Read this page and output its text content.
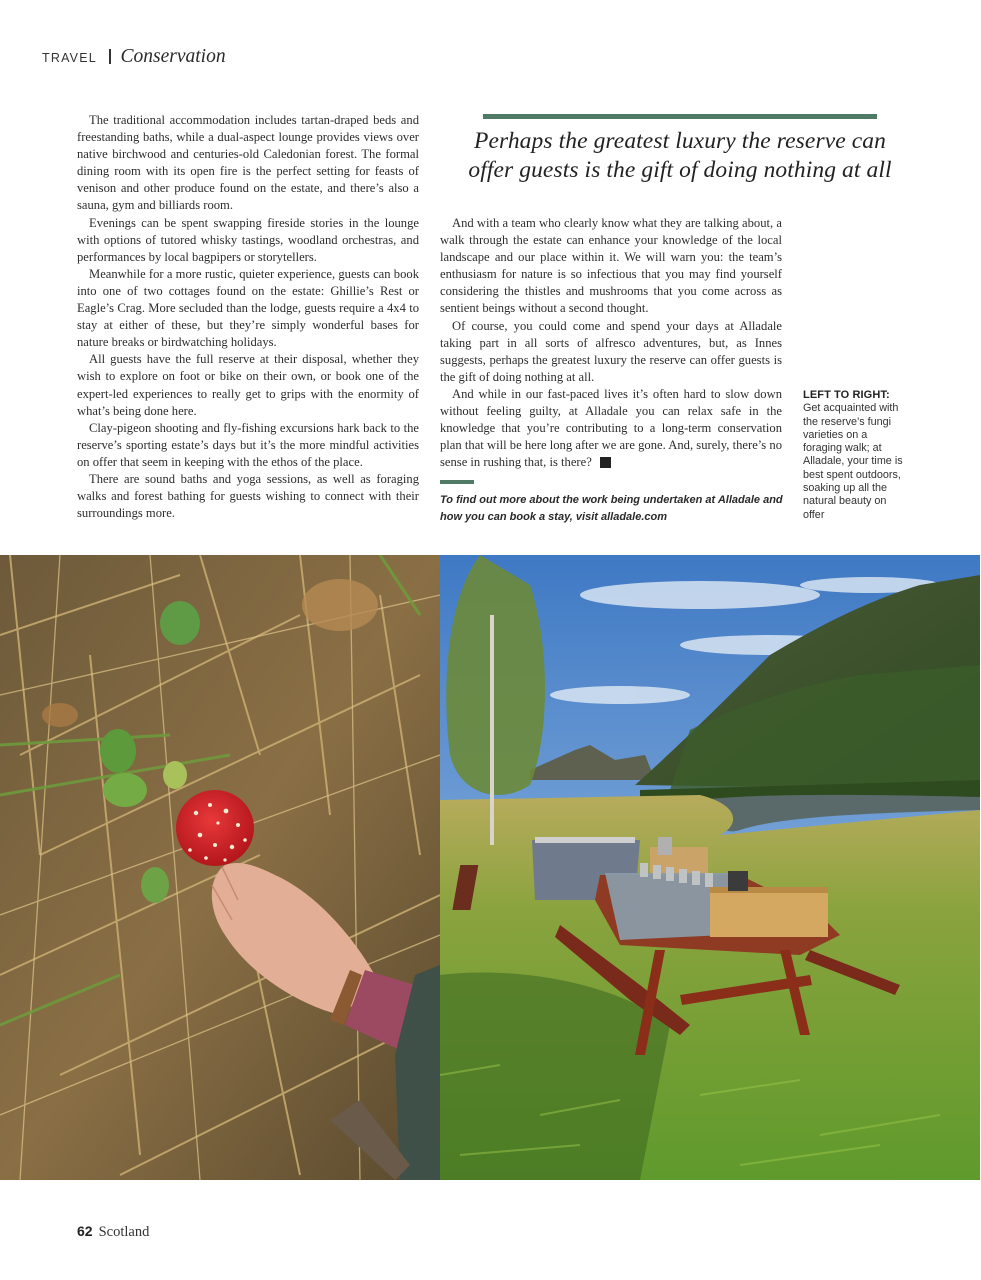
TRAVEL Conservation

The traditional accommodation includes tartan-draped beds and freestanding baths, while a dual-aspect lounge provides views over native birchwood and centuries-old Caledonian forest. The formal dining room with its open fire is the perfect setting for feasts of venison and other produce found on the estate, and there’s also a sauna, gym and billiards room.

Evenings can be spent swapping fireside stories in the lounge with options of tutored whisky tastings, woodland orchestras, and performances by local bagpipers or storytellers.

Meanwhile for a more rustic, quieter experience, guests can book into one of two cottages found on the estate: Ghillie’s Rest or Eagle’s Crag. More secluded than the lodge, guests require a 4x4 to stay at either of these, but they’re simply wonderful bases for nature breaks or birdwatching holidays.

All guests have the full reserve at their disposal, whether they wish to explore on foot or bike on their own, or book one of the expert-led experiences to really get to grips with the enormity of what’s being done here.

Clay-pigeon shooting and fly-fishing excursions hark back to the reserve’s sporting estate’s days but it’s the more mindful activities on offer that seem in keeping with the ethos of the place.

There are sound baths and yoga sessions, as well as foraging walks and forest bathing for guests wishing to connect with their surroundings more.

Perhaps the greatest luxury the reserve can offer guests is the gift of doing nothing at all

And with a team who clearly know what they are talking about, a walk through the estate can enhance your knowledge of the local landscape and our place within it. We will warn you: the team’s enthusiasm for nature is so infectious that you may find yourself considering the thistles and mushrooms that you come across as sentient beings without a second thought.

Of course, you could come and spend your days at Alladale taking part in all sorts of alfresco adventures, but, as Innes suggests, perhaps the greatest luxury the reserve can offer guests is the gift of doing nothing at all.

And while in our fast-paced lives it’s often hard to slow down without feeling guilty, at Alladale you can relax safe in the knowledge that you’re contributing to a long-term conservation plan that will be here long after we are gone. And, surely, there’s no sense in rushing that, is there? S

To find out more about the work being undertaken at Alladale and how you can book a stay, visit alladale.com
LEFT TO RIGHT:
Get acquainted with the reserve’s fungi varieties on a foraging walk; at Alladale, your time is best spent outdoors, soaking up all the natural beauty on offer
62 Scotland
